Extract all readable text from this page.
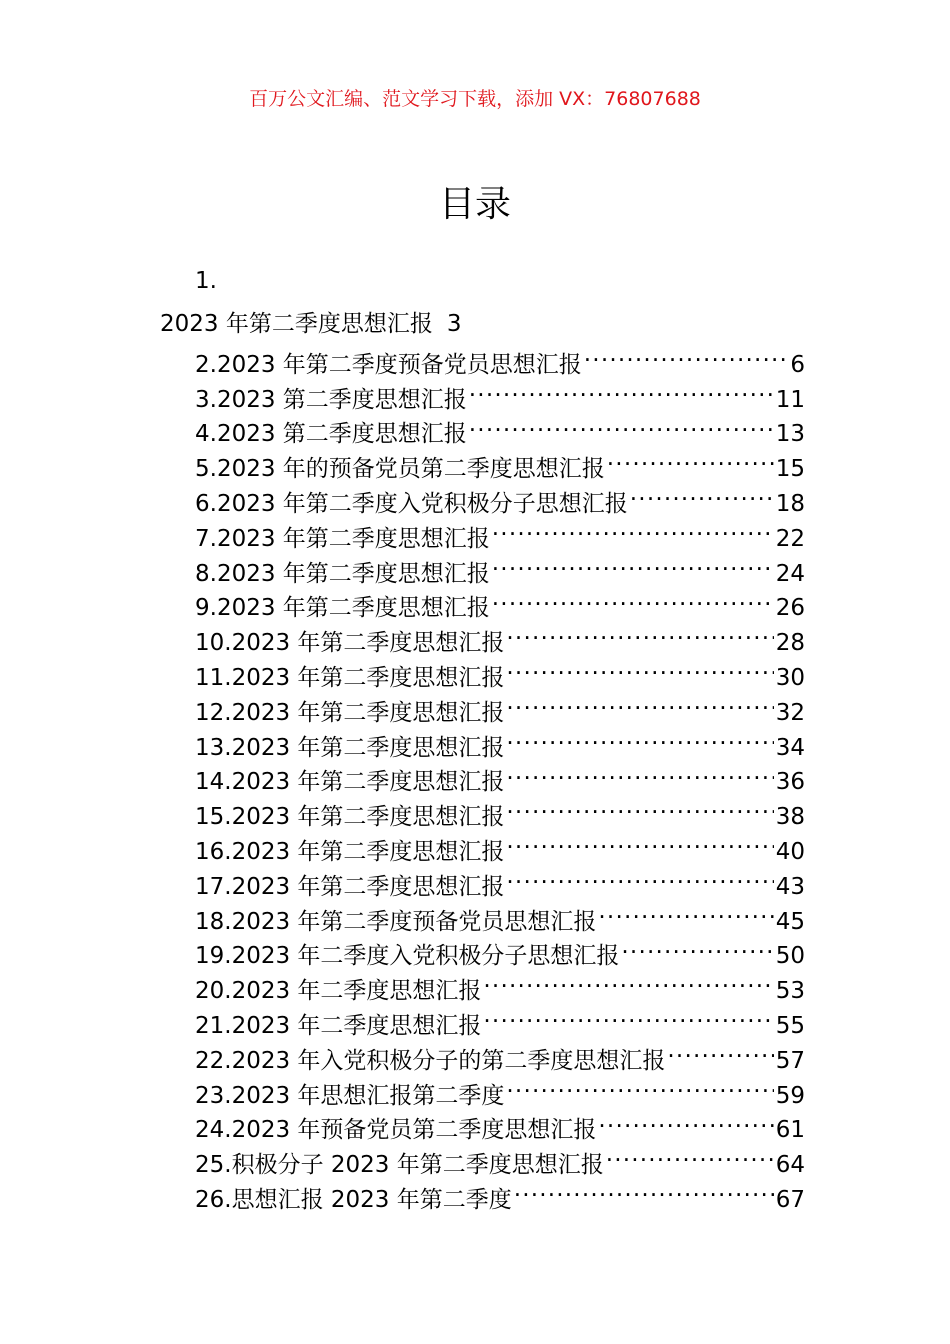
百万公文汇编、范文学习下载，添加 VX：76807688
目录
1.
2023 年第二季度思想汇报 3
2.2023 年第二季度预备党员思想汇报 .....	6
3.2023 第二季度思想汇报 .....	11
4.2023 第二季度思想汇报 .....	13
5.2023 年的预备党员第二季度思想汇报 .....	15
6.2023 年第二季度入党积极分子思想汇报 .....	18
7.2023 年第二季度思想汇报 .....	22
8.2023 年第二季度思想汇报 .....	24
9.2023 年第二季度思想汇报 .....	26
10.2023 年第二季度思想汇报 .....	28
11.2023 年第二季度思想汇报 .....	30
12.2023 年第二季度思想汇报 .....	32
13.2023 年第二季度思想汇报 .....	34
14.2023 年第二季度思想汇报 .....	36
15.2023 年第二季度思想汇报 .....	38
16.2023 年第二季度思想汇报 .....	40
17.2023 年第二季度思想汇报 .....	43
18.2023 年第二季度预备党员思想汇报 .....	45
19.2023 年二季度入党积极分子思想汇报 .....	50
20.2023 年二季度思想汇报 .....	53
21.2023 年二季度思想汇报 .....	55
22.2023 年入党积极分子的第二季度思想汇报 .....	57
23.2023 年思想汇报第二季度 .....	59
24.2023 年预备党员第二季度思想汇报 .....	61
25.积极分子 2023 年第二季度思想汇报 .....	64
26.思想汇报 2023 年第二季度 .....	67
